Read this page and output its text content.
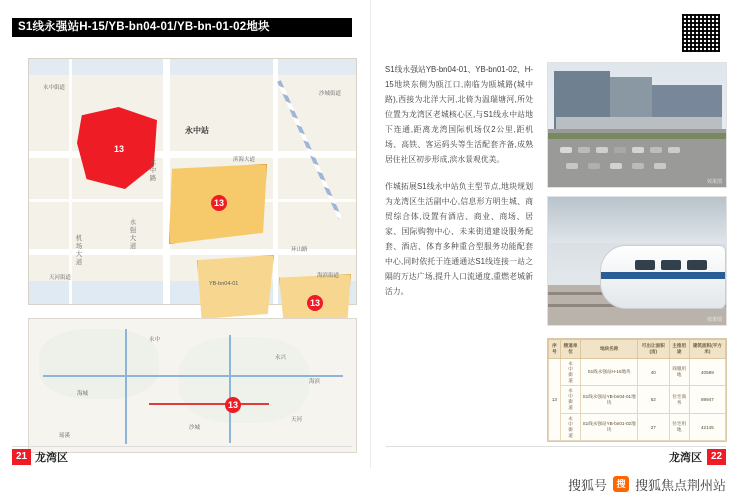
S1线永强站H-15/YB-bn04-01/YB-bn-01-02地块
13
13
YB-bn04-01
13
永中站
永中路
永强大道
机场大道
滨海大道
环山路
永中街道
沙城街道
天河街道	海滨街道
13
永中
永兴
海城
沙城
天河
海滨
瑶溪
21 龙湾区

S1线永强站YB-bn04-01、YB-bn01-02、H-15地块东侧为瓯江口,南临为瓯城路(城中路),西接为北洋大河,北倚为温瑞塘河,所处位置为龙湾区老城核心区,与S1线永中站地下连通,距离龙湾国际机场仅2公里,距机场、高铁、客运码头等生活配套齐备,成熟居住社区初步形成,滨水景观优美。

作城拓展S1线永中站负主型节点,地块规划为龙湾区生活副中心,信息形方明生城、商贸综合体,设置有酒店、商业、商场、居家、国际购物中心、未来街道建设服务配套、酒店、体育多种重合型服务功能配套中心,同时依托于连通通达S1线连接一站之隔的万达广场,提升人口流通度,重燃老城新活力。

效果图
效果图
序号	辖道单位	地块名称	可出让面积(亩)	主推用途	建筑面积(平方米)
13	永中街道	S1线永强站H-15地块	40	商服用地	40589
	永中街道	S1线永强站YB-bn04-01地块	52	住宅商务	89947
	永中街道	S1线永强站YB-bn01-02地块	27	住宅用地	42145
龙湾区 22
搜狐号	搜 搜狐焦点荆州站
